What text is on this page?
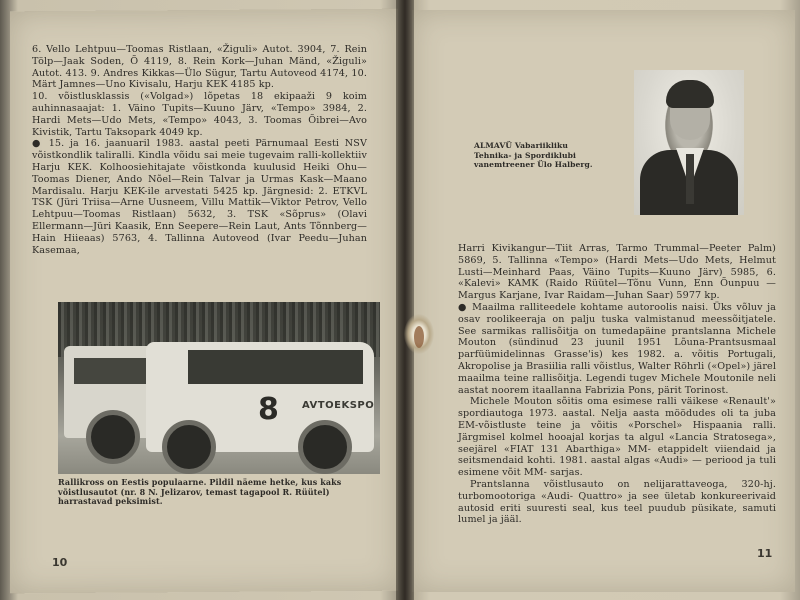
6. Vello Lehtpuu—Toomas Ristlaan, «Žiguli» Autot. 3904, 7. Rein Tölp—Jaak Soden, Õ 4119, 8. Rein Kork—Juhan Mänd, «Žiguli» Autot. 413. 9. Andres Kikkas—Ülo Sügur, Tartu Autoveod 4174, 10. Märt Jamnes—Uno Kivisalu, Harju KEK 4185 kp.

10. võistlusklassis («Volgad») lõpetas 18 ekipaaži 9 koim auhinnasaajat: 1. Väino Tupits—Kuuno Järv, «Tempo» 3984, 2. Hardi Mets—Udo Mets, «Tempo» 4043, 3. Toomas Õibrei—Avo Kivistik, Tartu Taksopark 4049 kp.

● 15. ja 16. jaanuaril 1983. aastal peeti Pärnumaal Eesti NSV võistkondlik taliralli. Kindla võidu sai meie tugevaim ralli-kollektiiv Harju KEK. Kolhoosiehitajate võistkonda kuulusid Heiki Ohu—Toomas Diener, Ando Nõel—Rein Talvar ja Urmas Kask—Maano Mardisalu. Harju KEK-ile arvestati 5425 kp. Järgnesid: 2. ETKVL TSK (Jüri Triisa—Arne Uusneem, Villu Mattik—Viktor Petrov, Vello Lehtpuu—Toomas Ristlaan) 5632, 3. TSK «Sõprus» (Olavi Ellermann—Jüri Kaasik, Enn Seepere—Rein Laut, Ants Tõnnberg—Hain Hiieaas) 5763, 4. Tallinna Autoveod (Ivar Peedu—Juhan Kasemaa,

8 AVTOEKSPO
Rallikross on Eestis populaarne. Pildil näeme hetke, kus kaks võistlusautot (nr. 8 N. Jelizarov, temast tagapool R. Rüütel) harrastavad peksimist.
10
ALMAVÜ Vabariikliku Tehnika- ja Spordiklubi vanemtreener Ülo Halberg.

Harri Kivikangur—Tiit Arras, Tarmo Trummal—Peeter Palm) 5869, 5. Tallinna «Tempo» (Hardi Mets—Udo Mets, Helmut Lusti—Meinhard Paas, Väino Tupits—Kuuno Järv) 5985, 6. «Kalevi» KAMK (Raido Rüütel—Tõnu Vunn, Enn Õunpuu — Margus Karjane, Ivar Raidam—Juhan Saar) 5977 kp.

● Maailma ralliteedele kohtame autoroolis naisi. Üks võluv ja osav roolikeeraja on palju tuska valmistanud meessõitjatele. See sarmikas rallisõitja on tumedapäine prantslanna Michele Mouton (sündinud 23 juunil 1951 Lõuna-Prantsusmaal parfüümidelinnas Grasse'is) kes 1982. a. võitis Portugali, Akropolise ja Brasiilia ralli võistlus, Walter Röhrli («Opel») järel maailma teine rallisõitja. Legendi tugev Michele Moutonile neli aastat noorem itaallanna Fabrizia Pons, pärit Torinost.

Michele Mouton sõitis oma esimese ralli väikese «Renault'» spordiautoga 1973. aastal. Nelja aasta möödudes oli ta juba EM-võistluste teine ja võitis «Porschel» Hispaania ralli. Järgmisel kolmel hooajal korjas ta algul «Lancia Stratosega», seejärel «FIAT 131 Abarthiga» MM- etappidelt viiendaid ja seitsmendaid kohti. 1981. aastal algas «Audi» — periood ja tuli esimene võit MM- sarjas.

Prantslanna võistlusauto on nelijarattaveoga, 320-hj. turbomootoriga «Audi- Quattro» ja see ületab konkureerivaid autosid eriti suuresti seal, kus teel puudub püsikate, samuti lumel ja jääl.

11
